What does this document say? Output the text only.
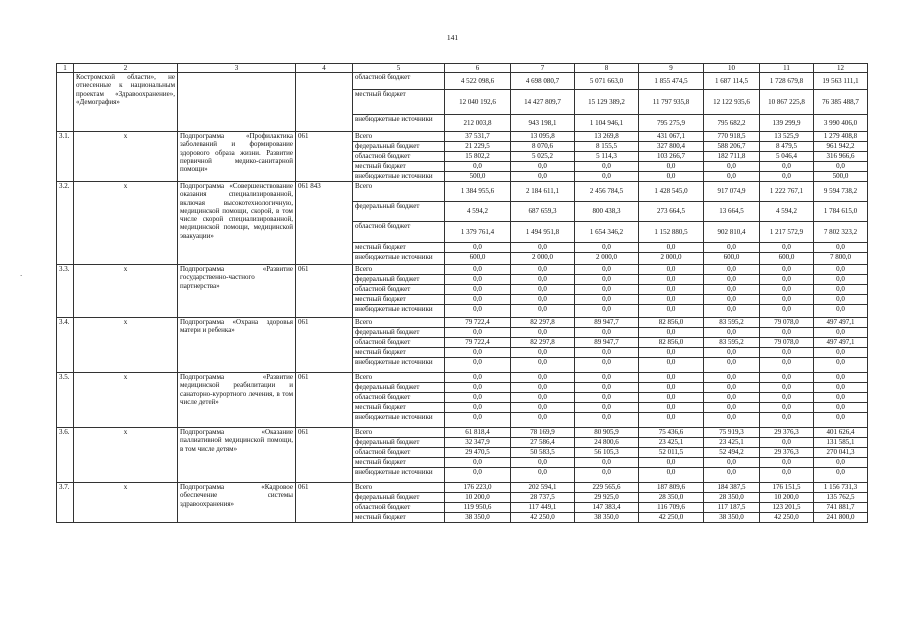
141
`
1	2	3	4	5	6	7	8	9	10	11	12
	Костромской области», не отнесенные к национальным проектам «Здравоохранение», «Демография»			областной бюджет	4 522 098,6	4 698 080,7	5 071 663,0	1 855 474,5	1 687 114,5	1 728 679,8	19 563 111,1
				местный бюджет	12 040 192,6	14 427 809,7	15 129 389,2	11 797 935,8	12 122 935,6	10 867 225,8	76 385 488,7
				внебюджетные источники	212 003,8	943 198,1	1 104 946,1	795 275,9	795 682,2	139 299,9	3 990 406,0
3.1.	х	Подпрограмма «Профилактика заболеваний и формирование здорового образа жизни. Развитие первичной медико-санитарной помощи»	061	Всего	37 531,7	13 095,8	13 269,8	431 067,1	770 918,5	13 525,9	1 279 408,8
				федеральный бюджет	21 229,5	8 070,6	8 155,5	327 800,4	588 206,7	8 479,5	961 942,2
				областной бюджет	15 802,2	5 025,2	5 114,3	103 266,7	182 711,8	5 046,4	316 966,6
				местный бюджет	0,0	0,0	0,0	0,0	0,0	0,0	0,0
				внебюджетные источники	500,0	0,0	0,0	0,0	0,0	0,0	500,0
3.2.	х	Подпрограмма «Совершенствование оказания специализированной, включая высокотехнологичную, медицинской помощи, скорой, в том числе скорой специализированной, медицинской помощи, медицинской эвакуации»	061 843	Всего	1 384 955,6	2 184 611,1	2 456 784,5	1 428 545,0	917 074,9	1 222 767,1	9 594 738,2
				федеральный бюджет	4 594,2	687 659,3	800 438,3	273 664,5	13 664,5	4 594,2	1 784 615,0
				областной бюджет	1 379 761,4	1 494 951,8	1 654 346,2	1 152 880,5	902 810,4	1 217 572,9	7 802 323,2
				местный бюджет	0,0	0,0	0,0	0,0	0,0	0,0	0,0
				внебюджетные источники	600,0	2 000,0	2 000,0	2 000,0	600,0	600,0	7 800,0
3.3.	х	Подпрограмма «Развитие государственно-частного партнерства»	061	Всего	0,0	0,0	0,0	0,0	0,0	0,0	0,0
				федеральный бюджет	0,0	0,0	0,0	0,0	0,0	0,0	0,0
				областной бюджет	0,0	0,0	0,0	0,0	0,0	0,0	0,0
				местный бюджет	0,0	0,0	0,0	0,0	0,0	0,0	0,0
				внебюджетные источники	0,0	0,0	0,0	0,0	0,0	0,0	0,0
3.4.	х	Подпрограмма «Охрана здоровья матери и ребенка»	061	Всего	79 722,4	82 297,8	89 947,7	82 856,0	83 595,2	79 078,0	497 497,1
				федеральный бюджет	0,0	0,0	0,0	0,0	0,0	0,0	0,0
				областной бюджет	79 722,4	82 297,8	89 947,7	82 856,0	83 595,2	79 078,0	497 497,1
				местный бюджет	0,0	0,0	0,0	0,0	0,0	0,0	0,0
				внебюджетные источники	0,0	0,0	0,0	0,0	0,0	0,0	0,0
3.5.	х	Подпрограмма «Развитие медицинской реабилитации и санаторно-курортного лечения, в том числе детей»	061	Всего	0,0	0,0	0,0	0,0	0,0	0,0	0,0
				федеральный бюджет	0,0	0,0	0,0	0,0	0,0	0,0	0,0
				областной бюджет	0,0	0,0	0,0	0,0	0,0	0,0	0,0
				местный бюджет	0,0	0,0	0,0	0,0	0,0	0,0	0,0
				внебюджетные источники	0,0	0,0	0,0	0,0	0,0	0,0	0,0
3.6.	х	Подпрограмма «Оказание паллиативной медицинской помощи, в том числе детям»	061	Всего	61 818,4	78 169,9	80 905,9	75 436,6	75 919,3	29 376,3	401 626,4
				федеральный бюджет	32 347,9	27 586,4	24 800,6	23 425,1	23 425,1	0,0	131 585,1
				областной бюджет	29 470,5	50 583,5	56 105,3	52 011,5	52 494,2	29 376,3	270 041,3
				местный бюджет	0,0	0,0	0,0	0,0	0,0	0,0	0,0
				внебюджетные источники	0,0	0,0	0,0	0,0	0,0	0,0	0,0
3.7.	х	Подпрограмма «Кадровое обеспечение системы здравоохранения»	061	Всего	176 223,0	202 594,1	229 565,6	187 809,6	184 387,5	176 151,5	1 156 731,3
				федеральный бюджет	10 200,0	28 737,5	29 925,0	28 350,0	28 350,0	10 200,0	135 762,5
				областной бюджет	119 950,6	117 449,1	147 383,4	116 709,6	117 187,5	123 201,5	741 881,7
				местный бюджет	38 350,0	42 250,0	38 350,0	42 250,0	38 350,0	42 250,0	241 800,0
